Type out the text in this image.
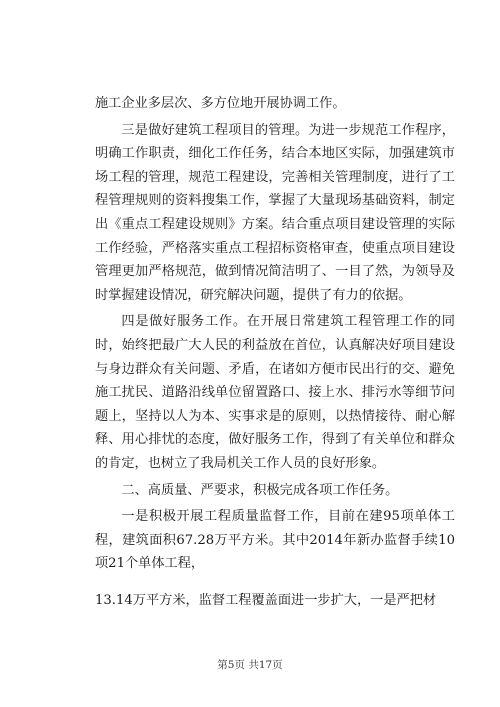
施工企业多层次、多方位地开展协调工作。

三是做好建筑工程项目的管理。为进一步规范工作程序，明确工作职责，细化工作任务，结合本地区实际，加强建筑市场工程的管理，规范工程建设，完善相关管理制度，进行了工程管理规则的资料搜集工作，掌握了大量现场基础资料，制定出《重点工程建设规则》方案。结合重点项目建设管理的实际工作经验，严格落实重点工程招标资格审查，使重点项目建设管理更加严格规范，做到情况简洁明了、一目了然，为领导及时掌握建设情况，研究解决问题，提供了有力的依据。

四是做好服务工作。在开展日常建筑工程管理工作的同时，始终把最广大人民的利益放在首位，认真解决好项目建设与身边群众有关问题、矛盾，在诸如方便市民出行的交、避免施工扰民、道路沿线单位留置路口、接上水、排污水等细节问题上，坚持以人为本、实事求是的原则，以热情接待、耐心解释、用心排忧的态度，做好服务工作，得到了有关单位和群众的肯定，也树立了我局机关工作人员的良好形象。

二、高质量、严要求，积极完成各项工作任务。

一是积极开展工程质量监督工作，目前在建95项单体工程，建筑面积67.28万平方米。其中2014年新办监督手续10项21个单体工程，

13.14万平方米，监督工程覆盖面进一步扩大，一是严把材

第5页 共17页
